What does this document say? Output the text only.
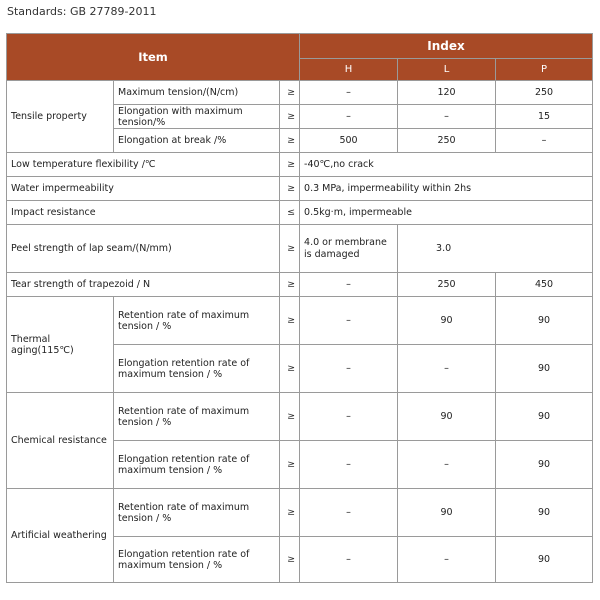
Standards: GB 27789-2011
Item			Index		
			H	L	P
Tensile property	Maximum tension/(N/cm)	≥	–	120	250
	Elongation with maximum tension/%	≥	–	–	15
	Elongation at break /%	≥	500	250	–
Low temperature flexibility /℃		≥	-40℃,no crack		
Water impermeability		≥	0.3 MPa, impermeability within 2hs		
Impact resistance		≤	0.5kg·m, impermeable		
Peel strength of lap seam/(N/mm)		≥	4.0 or membrane is damaged	3.0	
Tear strength of trapezoid / N		≥	–	250	450
Thermal aging(115℃)	Retention rate of maximum tension / %	≥	–	90	90
	Elongation retention rate of maximum tension / %	≥	–	–	90
Chemical resistance	Retention rate of maximum tension / %	≥	–	90	90
	Elongation retention rate of maximum tension / %	≥	–	–	90
Artificial weathering	Retention rate of maximum tension / %	≥	–	90	90
	Elongation retention rate of maximum tension / %	≥	–	–	90
